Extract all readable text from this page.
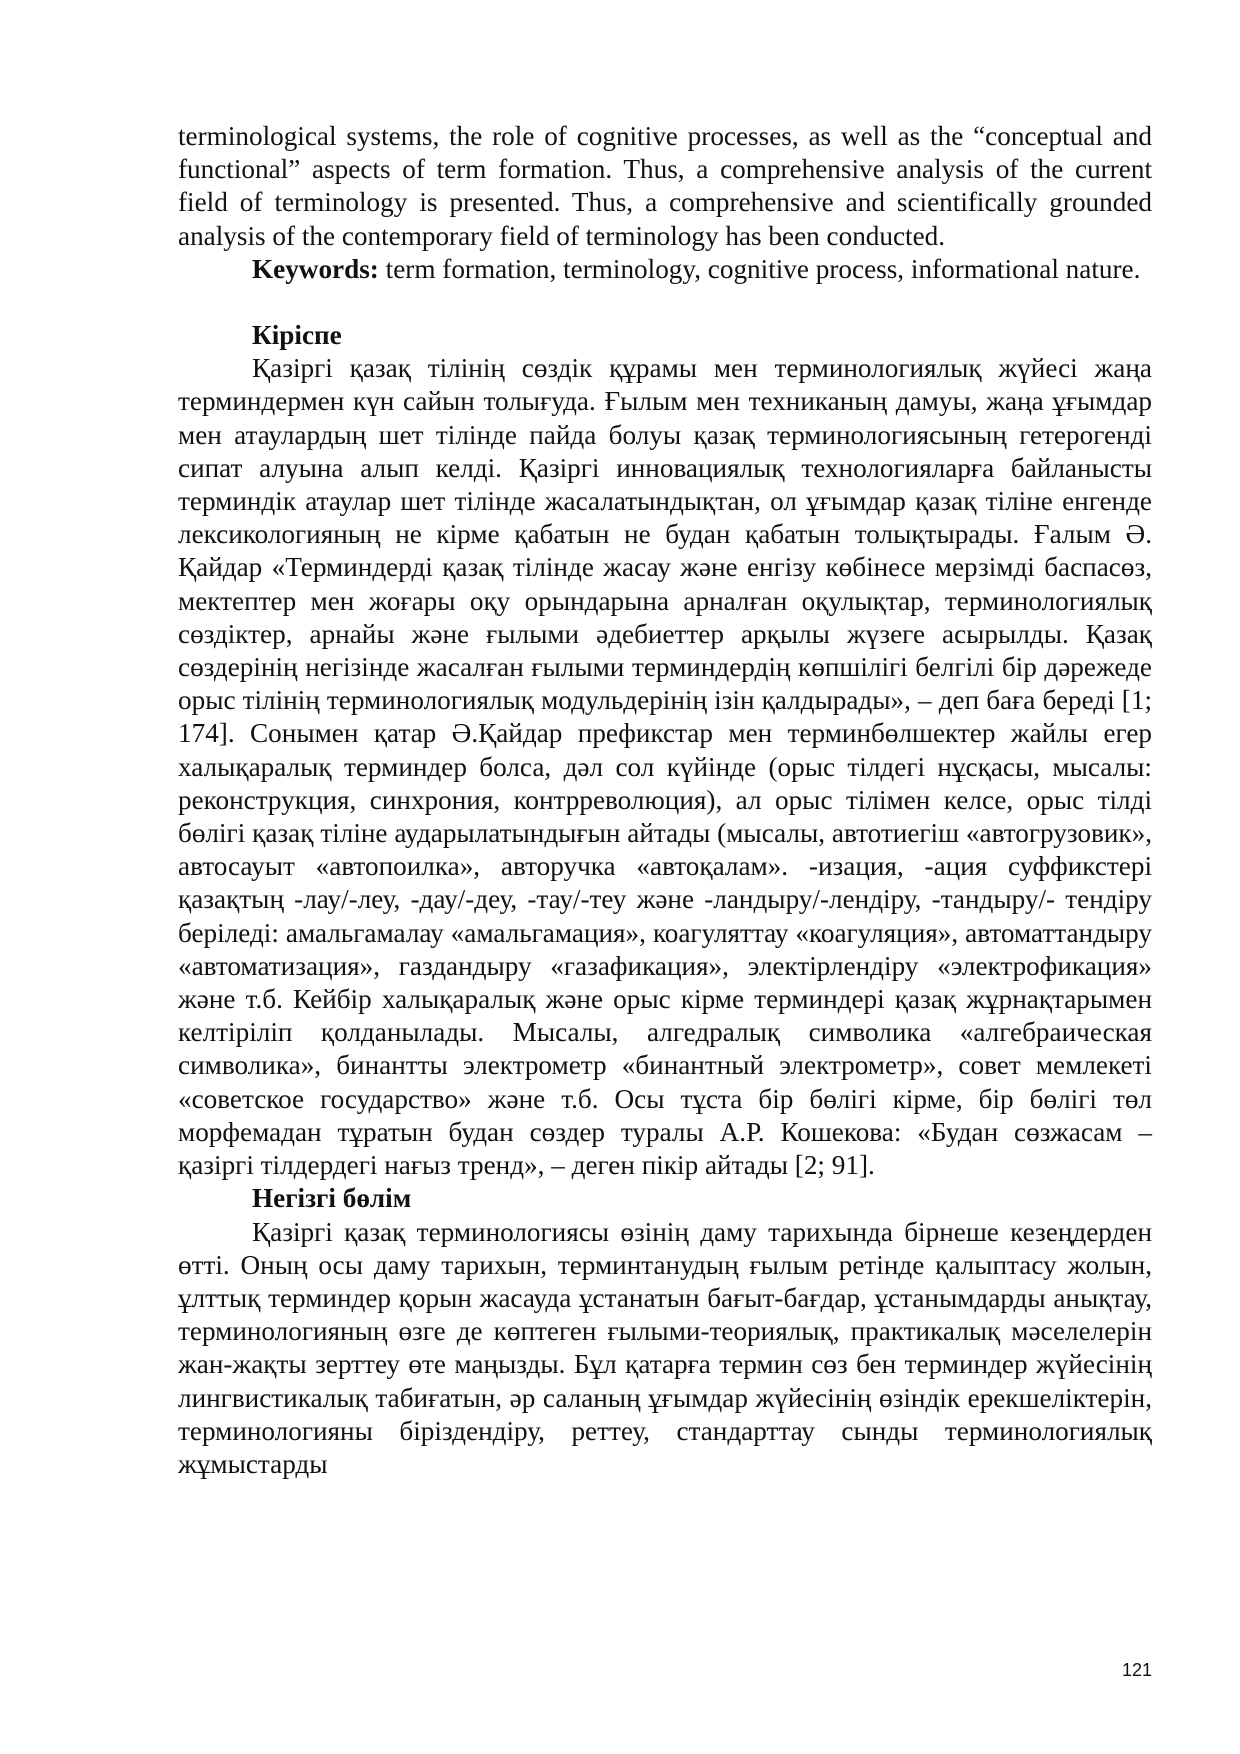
terminological systems, the role of cognitive processes, as well as the “conceptual and functional” aspects of term formation. Thus, a comprehensive analysis of the current field of terminology is presented. Thus, a comprehensive and scientifically grounded analysis of the contemporary field of terminology has been conducted.

Keywords: term formation, terminology, cognitive process, informational nature.

Кіріспе

Қазіргі қазақ тілінің сөздік құрамы мен терминологиялық жүйесі жаңа терминдермен күн сайын толығуда. Ғылым мен техниканың дамуы, жаңа ұғымдар мен атаулардың шет тілінде пайда болуы қазақ терминологиясының гетерогенді сипат алуына алып келді. Қазіргі инновациялық технологияларға байланысты терминдік атаулар шет тілінде жасалатындықтан, ол ұғымдар қазақ тіліне енгенде лексикологияның не кірме қабатын не будан қабатын толықтырады. Ғалым Ә. Қайдар «Терминдерді қазақ тілінде жасау және енгізу көбінесе мерзімді баспасөз, мектептер мен жоғары оқу орындарына арналған оқулықтар, терминологиялық сөздіктер, арнайы және ғылыми әдебиеттер арқылы жүзеге асырылды. Қазақ сөздерінің негізінде жасалған ғылыми терминдердің көпшілігі белгілі бір дәрежеде орыс тілінің терминологиялық модульдерінің ізін қалдырады», – деп баға береді [1; 174]. Сонымен қатар Ә.Қайдар префикстар мен терминбөлшектер жайлы егер халықаралық терминдер болса, дәл сол күйінде (орыс тілдегі нұсқасы, мысалы: реконструкция, синхрония, контрреволюция), ал орыс тілімен келсе, орыс тілді бөлігі қазақ тіліне аударылатындығын айтады (мысалы, автотиегіш «автогрузовик», автосауыт «автопоилка», авторучка «автоқалам». -изация, -ация суффикстері қазақтың -лау/-леу, -дау/-деу, -тау/-теу және -ландыру/-лендіру, -тандыру/- тендіру беріледі: амальгамалау «амальгамация», коагуляттау «коагуляция», автоматтандыру «автоматизация», газдандыру «газафикация», электірлендіру «электрофикация» және т.б. Кейбір халықаралық және орыс кірме терминдері қазақ жұрнақтарымен келтіріліп қолданылады. Мысалы, алгедралық символика «алгебраическая символика», бинантты электрометр «бинантный электрометр», совет мемлекеті «советское государство» және т.б. Осы тұста бір бөлігі кірме, бір бөлігі төл морфемадан тұратын будан сөздер туралы А.Р. Кошекова: «Будан сөзжасам – қазіргі тілдердегі нағыз тренд», – деген пікір айтады [2; 91].

Негізгі бөлім

Қазіргі қазақ терминологиясы өзінің даму тарихында бірнеше кезеңдерден өтті. Оның осы даму тарихын, терминтанудың ғылым ретінде қалыптасу жолын, ұлттық терминдер қорын жасауда ұстанатын бағыт-бағдар, ұстанымдарды анықтау, терминологияның өзге де көптеген ғылыми-теориялық, практикалық мәселелерін жан-жақты зерттеу өте маңызды. Бұл қатарға термин сөз бен терминдер жүйесінің лингвистикалық табиғатын, әр саланың ұғымдар жүйесінің өзіндік ерекшеліктерін, терминологияны біріздендіру, реттеу, стандарттау сынды терминологиялық жұмыстарды

121
